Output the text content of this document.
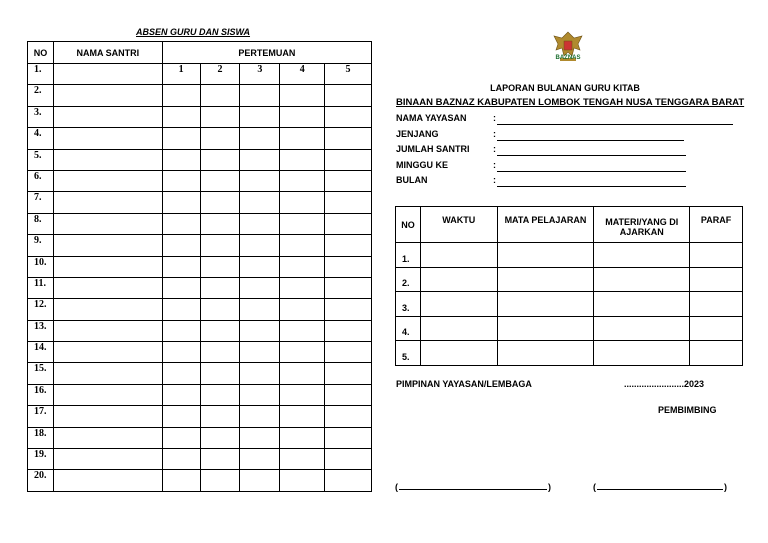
ABSEN GURU DAN SISWA
NO	NAMA SANTRI	PERTEMUAN				
1.		1	2	3	4	5
2.						
3.						
4.						
5.						
6.						
7.						
8.						
9.						
10.						
11.						
12.						
13.						
14.						
15.						
16.						
17.						
18.						
19.						
20.						
BAZNAS
LAPORAN BULANAN GURU KITAB
BINAAN BAZNAZ KABUPATEN LOMBOK TENGAH NUSA TENGGARA BARAT
NAMA YAYASAN	:
JENJANG	:
JUMLAH SANTRI	:
MINGGU KE	:
BULAN	:
NO	WAKTU	MATA PELAJARAN	MATERI/YANG DI AJARKAN	PARAF
1.				
2.				
3.				
4.				
5.				
PIMPINAN YAYASAN/LEMBAGA	........................2023
PEMBIMBING
(	)	(	)
